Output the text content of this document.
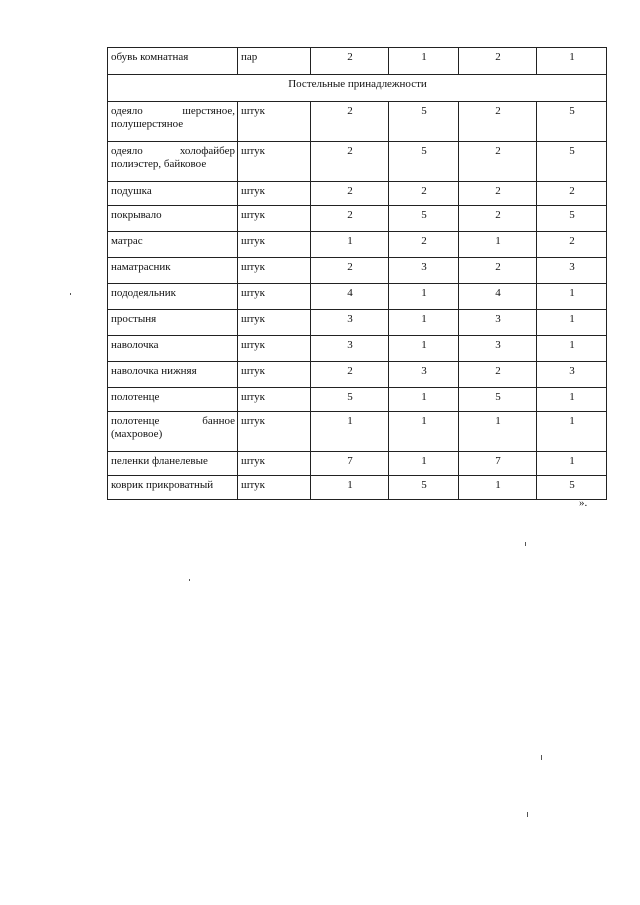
обувь комнатная	пар	2	1	2	1
Постельные принадлежности					
одеяло шерстяное, полушерстяное	штук	2	5	2	5
одеяло холофайбер полиэстер, байковое	штук	2	5	2	5
подушка	штук	2	2	2	2
покрывало	штук	2	5	2	5
матрас	штук	1	2	1	2
наматрасник	штук	2	3	2	3
пододеяльник	штук	4	1	4	1
простыня	штук	3	1	3	1
наволочка	штук	3	1	3	1
наволочка нижняя	штук	2	3	2	3
полотенце	штук	5	1	5	1
полотенце банное (махровое)	штук	1	1	1	1
пеленки фланелевые	штук	7	1	7	1
коврик прикроватный	штук	1	5	1	5
».
